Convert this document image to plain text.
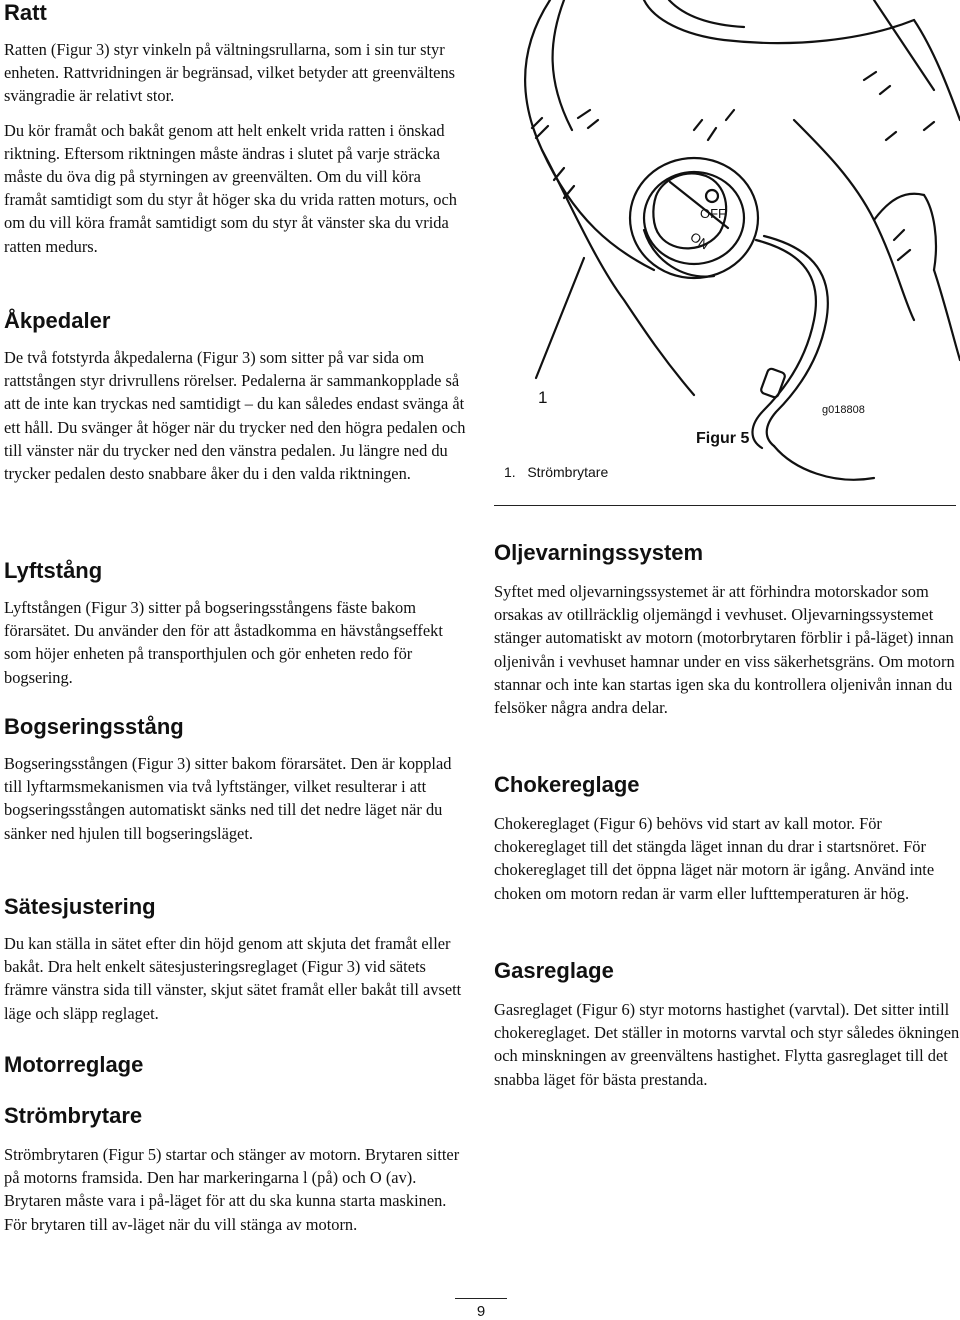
Ratt

Ratten (Figur 3) styr vinkeln på vältningsrullarna, som i sin tur styr enheten. Rattvridningen är begränsad, vilket betyder att greenvältens svängradie är relativt stor.

Du kör framåt och bakåt genom att helt enkelt vrida ratten i önskad riktning. Eftersom riktningen måste ändras i slutet på varje sträcka måste du öva dig på styrningen av greenvälten. Om du vill köra framåt samtidigt som du styr åt höger ska du vrida ratten moturs, och om du vill köra framåt samtidigt som du styr åt vänster ska du vrida ratten medurs.

Åkpedaler

De två fotstyrda åkpedalerna (Figur 3) som sitter på var sida om rattstången styr drivrullens rörelser. Pedalerna är sammankopplade så att de inte kan tryckas ned samtidigt – du kan således endast svänga åt ett håll. Du svänger åt höger när du trycker ned den högra pedalen och till vänster när du trycker ned den vänstra pedalen. Ju längre ned du trycker pedalen desto snabbare åker du i den valda riktningen.

Lyftstång

Lyftstången (Figur 3) sitter på bogseringsstångens fäste bakom förarsätet. Du använder den för att åstadkomma en hävstångseffekt som höjer enheten på transporthjulen och gör enheten redo för bogsering.

Bogseringsstång

Bogseringsstången (Figur 3) sitter bakom förarsätet. Den är kopplad till lyftarmsmekanismen via två lyftstänger, vilket resulterar i att bogseringsstången automatiskt sänks ned till det nedre läget när du sänker ned hjulen till bogseringsläget.

Sätesjustering

Du kan ställa in sätet efter din höjd genom att skjuta det framåt eller bakåt. Dra helt enkelt sätesjusteringsreglaget (Figur 3) vid sätets främre vänstra sida till vänster, skjut sätet framåt eller bakåt till avsett läge och släpp reglaget.

Motorreglage
Strömbrytare

Strömbrytaren (Figur 5) startar och stänger av motorn. Brytaren sitter på motorns framsida. Den har markeringarna l (på) och O (av). Brytaren måste vara i på-läget för att du ska kunna starta maskinen. För brytaren till av-läget när du vill stänga av motorn.

OFF
ON
1
g018808
Figur 5
1.   Strömbrytare
Oljevarningssystem

Syftet med oljevarningssystemet är att förhindra motorskador som orsakas av otillräcklig oljemängd i vevhuset. Oljevarningssystemet stänger automatiskt av motorn (motorbrytaren förblir i på-läget) innan oljenivån i vevhuset hamnar under en viss säkerhetsgräns. Om motorn stannar och inte kan startas igen ska du kontrollera oljenivån innan du felsöker några andra delar.

Chokereglage

Chokereglaget (Figur 6) behövs vid start av kall motor. För chokereglaget till det stängda läget innan du drar i startsnöret. För chokereglaget till det öppna läget när motorn är igång. Använd inte choken om motorn redan är varm eller lufttemperaturen är hög.

Gasreglage

Gasreglaget (Figur 6) styr motorns hastighet (varvtal). Det sitter intill chokereglaget. Det ställer in motorns varvtal och styr således ökningen och minskningen av greenvältens hastighet. Flytta gasreglaget till det snabba läget för bästa prestanda.

9
